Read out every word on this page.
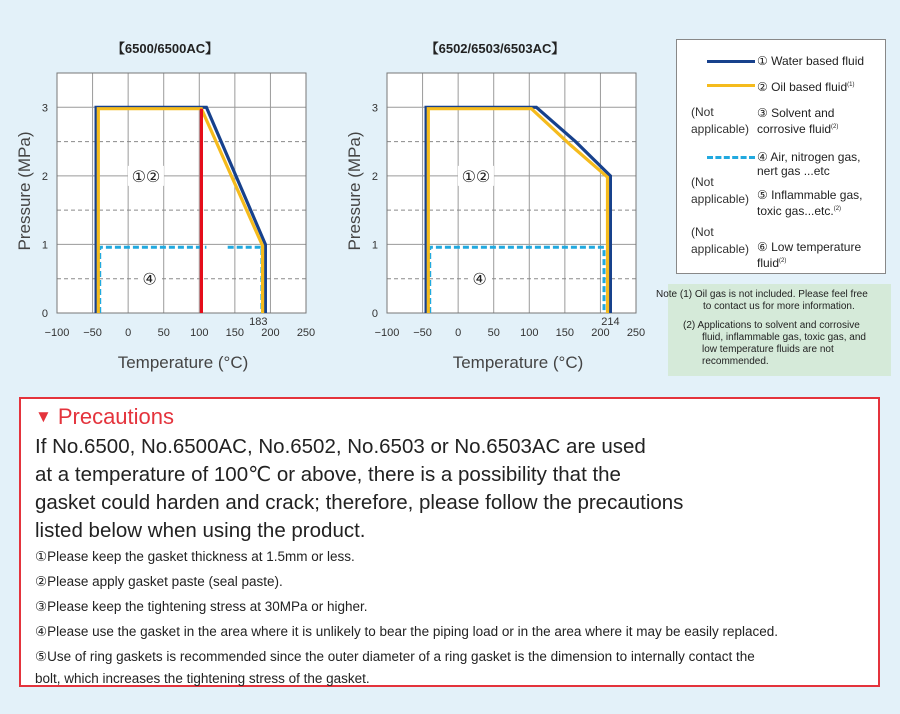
【6500/6500AC】
−100 −50 0 50 100 150 200 250
0
1
2
3
Temperature (°C)
Pressure (MPa)	①②
④
183
【6502/6503/6503AC】
−100 −50 0 50 100 150 200 250
0
1
2
3
Temperature (°C)
Pressure (MPa)	①②
④
214
① Water based fluid
② Oil based fluid$^{(1)}$
(Not applicable)
③ Solvent and corrosive fluid$^{(2)}$
④ Air, nitrogen gas, nert gas ...etc
(Not applicable) ⑤ Inflammable gas, toxic gas...etc.$^{(2)}$
(Not applicable) ⑥ Low temperature fluid$^{(2)}$
Note (1) Oil gas is not included. Please feel free
to contact us for more information.
(2) Applications to solvent and corrosive
fluid, inflammable gas, toxic gas, and
low temperature fluids are not
recommended.
▼ Precautions
If No.6500, No.6500AC, No.6502, No.6503 or No.6503AC are used
at a temperature of 100℃ or above, there is a possibility that the
gasket could harden and crack; therefore, please follow the precautions
listed below when using the product.
①Please keep the gasket thickness at 1.5mm or less.
②Please apply gasket paste (seal paste).
③Please keep the tightening stress at 30MPa or higher.
④Please use the gasket in the area where it is unlikely to bear the piping load or in the area where it may be easily replaced.
⑤Use of ring gaskets is recommended since the outer diameter of a ring gasket is the dimension to internally contact the
bolt, which increases the tightening stress of the gasket.
